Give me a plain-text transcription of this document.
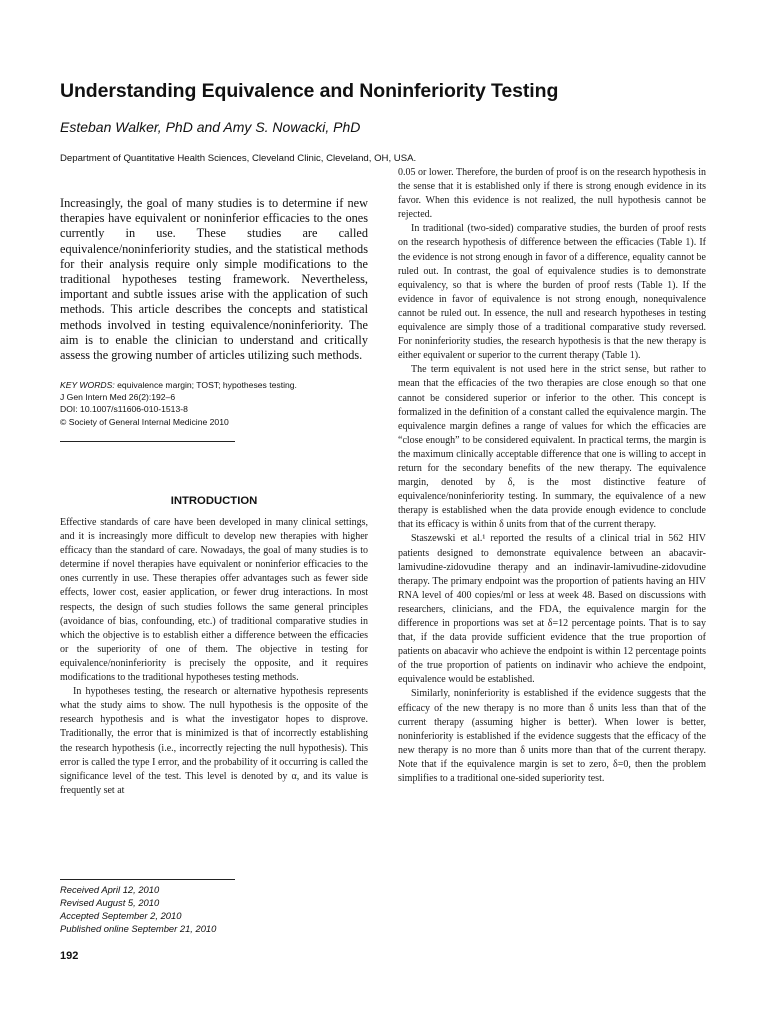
Understanding Equivalence and Noninferiority Testing
Esteban Walker, PhD and Amy S. Nowacki, PhD
Department of Quantitative Health Sciences, Cleveland Clinic, Cleveland, OH, USA.

Increasingly, the goal of many studies is to determine if new therapies have equivalent or noninferior efficacies to the ones currently in use. These studies are called equivalence/noninferiority studies, and the statistical methods for their analysis require only simple modifications to the traditional hypotheses testing framework. Nevertheless, important and subtle issues arise with the application of such methods. This article describes the concepts and statistical methods involved in testing equivalence/noninferiority. The aim is to enable the clinician to understand and critically assess the growing number of articles utilizing such methods.

KEY WORDS: equivalence margin; TOST; hypotheses testing.
J Gen Intern Med 26(2):192–6
DOI: 10.1007/s11606-010-1513-8
© Society of General Internal Medicine 2010
INTRODUCTION

Effective standards of care have been developed in many clinical settings, and it is increasingly more difficult to develop new therapies with higher efficacy than the standard of care. Nowadays, the goal of many studies is to determine if novel therapies have equivalent or noninferior efficacies to the ones currently in use. These therapies offer advantages such as fewer side effects, lower cost, easier application, or fewer drug interactions. In most respects, the design of such studies follows the same general principles (avoidance of bias, confounding, etc.) of traditional comparative studies in which the objective is to establish either a difference between the efficacies or the superiority of one of them. The objective in testing for equivalence/noninferiority is precisely the opposite, and it requires modifications to the traditional hypotheses testing methods.

In hypotheses testing, the research or alternative hypothesis represents what the study aims to show. The null hypothesis is the opposite of the research hypothesis and is what the investigator hopes to disprove. Traditionally, the error that is minimized is that of incorrectly establishing the research hypothesis (i.e., incorrectly rejecting the null hypothesis). This error is called the type I error, and the probability of it occurring is called the significance level of the test. This level is denoted by α, and its value is frequently set at

0.05 or lower. Therefore, the burden of proof is on the research hypothesis in the sense that it is established only if there is strong enough evidence in its favor. When this evidence is not realized, the null hypothesis cannot be rejected.

In traditional (two-sided) comparative studies, the burden of proof rests on the research hypothesis of difference between the efficacies (Table 1). If the evidence is not strong enough in favor of a difference, equality cannot be ruled out. In contrast, the goal of equivalence studies is to demonstrate equivalency, so that is where the burden of proof rests (Table 1). If the evidence in favor of equivalence is not strong enough, nonequivalence cannot be ruled out. In essence, the null and research hypotheses in testing equivalence are simply those of a traditional comparative study reversed. For noninferiority studies, the research hypothesis is that the new therapy is either equivalent or superior to the current therapy (Table 1).

The term equivalent is not used here in the strict sense, but rather to mean that the efficacies of the two therapies are close enough so that one cannot be considered superior or inferior to the other. This concept is formalized in the definition of a constant called the equivalence margin. The equivalence margin defines a range of values for which the efficacies are “close enough” to be considered equivalent. In practical terms, the margin is the maximum clinically acceptable difference that one is willing to accept in return for the secondary benefits of the new therapy. The equivalence margin, denoted by δ, is the most distinctive feature of equivalence/noninferiority testing. In summary, the equivalence of a new therapy is established when the data provide enough evidence to conclude that its efficacy is within δ units from that of the current therapy.

Staszewski et al.¹ reported the results of a clinical trial in 562 HIV patients designed to demonstrate equivalence between an abacavir-lamivudine-zidovudine therapy and an indinavir-lamivudine-zidovudine therapy. The primary endpoint was the proportion of patients having an HIV RNA level of 400 copies/ml or less at week 48. Based on discussions with researchers, clinicians, and the FDA, the equivalence margin for the difference in proportions was set at δ=12 percentage points. That is to say that, if the data provide sufficient evidence that the true proportion of patients on abacavir who achieve the endpoint is within 12 percentage points of the true proportion of patients on indinavir who achieve the endpoint, equivalence would be established.

Similarly, noninferiority is established if the evidence suggests that the efficacy of the new therapy is no more than δ units less than that of the current therapy (assuming higher is better). When lower is better, noninferiority is established if the evidence suggests that the efficacy of the new therapy is no more than δ units more than that of the current therapy. Note that if the equivalence margin is set to zero, δ=0, then the problem simplifies to a traditional one-sided superiority test.

Received April 12, 2010
Revised August 5, 2010
Accepted September 2, 2010
Published online September 21, 2010
192
